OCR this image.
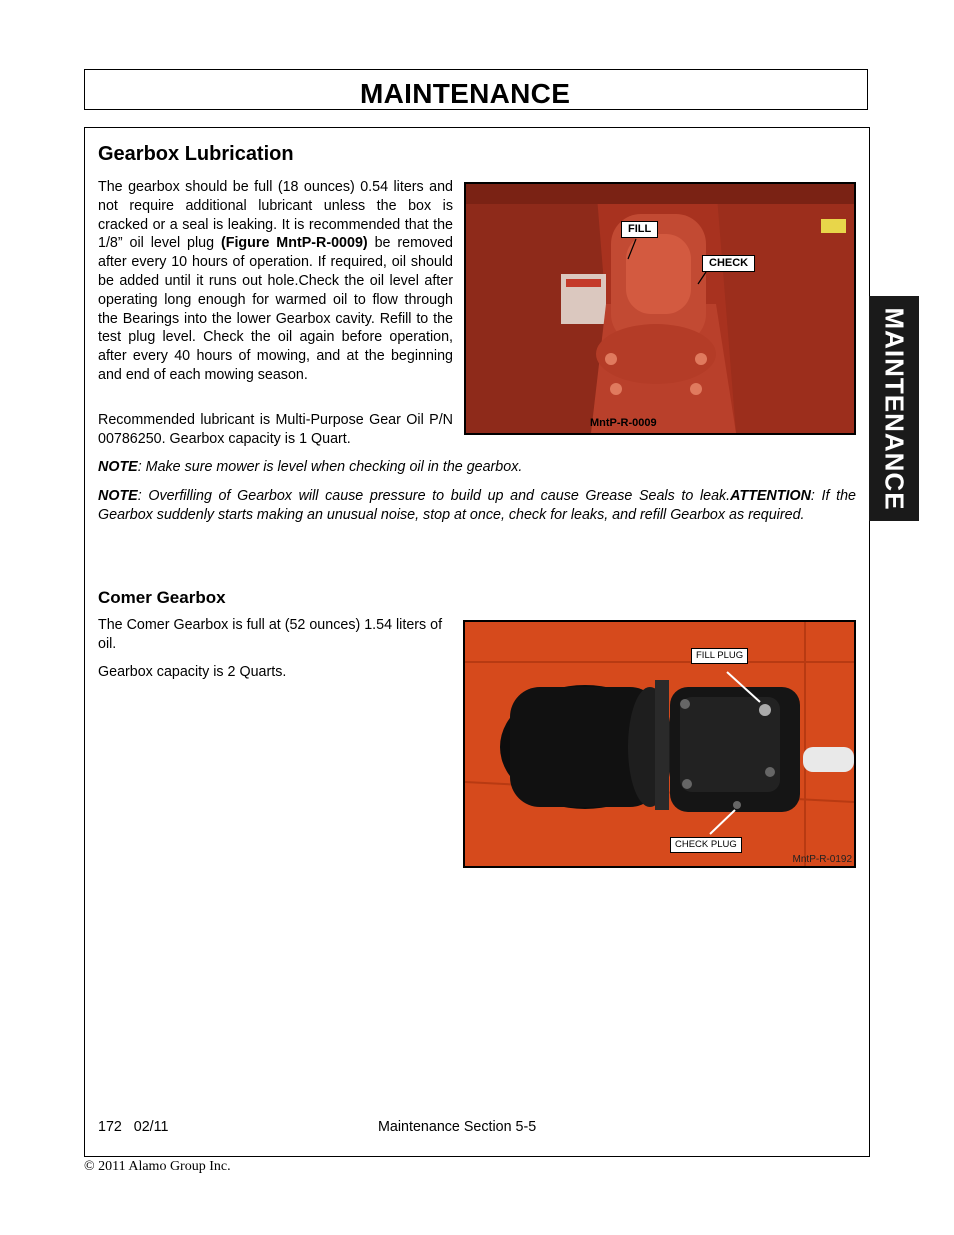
MAINTENANCE
MAINTENANCE
Gearbox Lubrication

The gearbox should be full (18 ounces) 0.54 liters and not require additional lubricant unless the box is cracked or a seal is leaking. It is recommended that the 1/8” oil level plug (Figure MntP-R-0009) be removed after every 10 hours of operation. If required, oil should be added until it runs out hole.Check the oil level after operating long enough for warmed oil to flow through the Bearings into the lower Gearbox cavity. Refill to the test plug level. Check the oil again before operation, after every 40 hours of mowing, and at the beginning and end of each mowing season.

Recommended lubricant is Multi-Purpose Gear Oil P/N 00786250. Gearbox capacity is 1 Quart.

FILL
CHECK
MntP-R-0009

NOTE: Make sure mower is level when checking oil in the gearbox.

NOTE: Overfilling of Gearbox will cause pressure to build up and cause Grease Seals to leak.ATTENTION: If the Gearbox suddenly starts making an unusual noise, stop at once, check for leaks, and refill Gearbox as required.

Comer Gearbox

The Comer Gearbox is full at (52 ounces) 1.54 liters of oil.

Gearbox capacity is 2 Quarts.

FILL PLUG
CHECK PLUG
MntP-R-0192
172   02/11	Maintenance Section 5-5
© 2011 Alamo Group Inc.
